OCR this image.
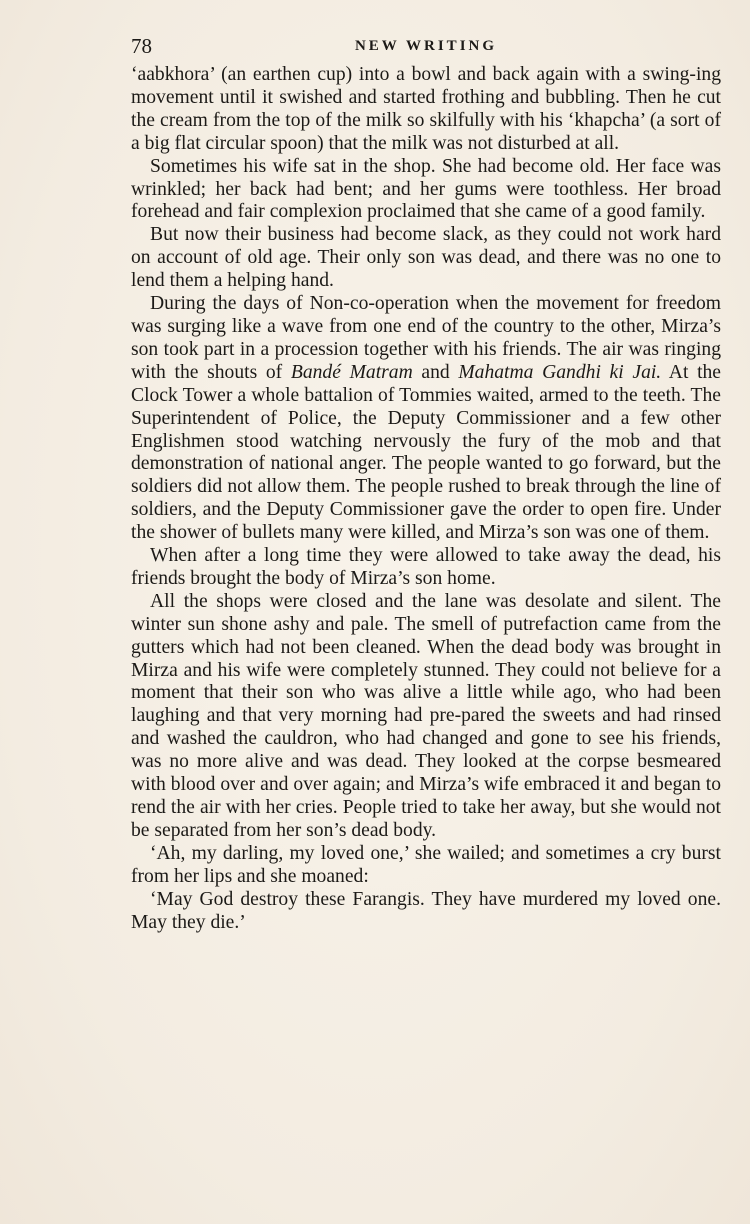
78	NEW WRITING

‘aabkhora’ (an earthen cup) into a bowl and back again with a swing-ing movement until it swished and started frothing and bubbling. Then he cut the cream from the top of the milk so skilfully with his ‘khapcha’ (a sort of a big flat circular spoon) that the milk was not disturbed at all.

Sometimes his wife sat in the shop. She had become old. Her face was wrinkled; her back had bent; and her gums were toothless. Her broad forehead and fair complexion proclaimed that she came of a good family.

But now their business had become slack, as they could not work hard on account of old age. Their only son was dead, and there was no one to lend them a helping hand.

During the days of Non-co-operation when the movement for freedom was surging like a wave from one end of the country to the other, Mirza’s son took part in a procession together with his friends. The air was ringing with the shouts of Bandé Matram and Mahatma Gandhi ki Jai. At the Clock Tower a whole battalion of Tommies waited, armed to the teeth. The Superintendent of Police, the Deputy Commissioner and a few other Englishmen stood watching nervously the fury of the mob and that demonstration of national anger. The people wanted to go forward, but the soldiers did not allow them. The people rushed to break through the line of soldiers, and the Deputy Commissioner gave the order to open fire. Under the shower of bullets many were killed, and Mirza’s son was one of them.

When after a long time they were allowed to take away the dead, his friends brought the body of Mirza’s son home.

All the shops were closed and the lane was desolate and silent. The winter sun shone ashy and pale. The smell of putrefaction came from the gutters which had not been cleaned. When the dead body was brought in Mirza and his wife were completely stunned. They could not believe for a moment that their son who was alive a little while ago, who had been laughing and that very morning had pre-pared the sweets and had rinsed and washed the cauldron, who had changed and gone to see his friends, was no more alive and was dead. They looked at the corpse besmeared with blood over and over again; and Mirza’s wife embraced it and began to rend the air with her cries. People tried to take her away, but she would not be separated from her son’s dead body.

‘Ah, my darling, my loved one,’ she wailed; and sometimes a cry burst from her lips and she moaned:

‘May God destroy these Farangis. They have murdered my loved one. May they die.’
